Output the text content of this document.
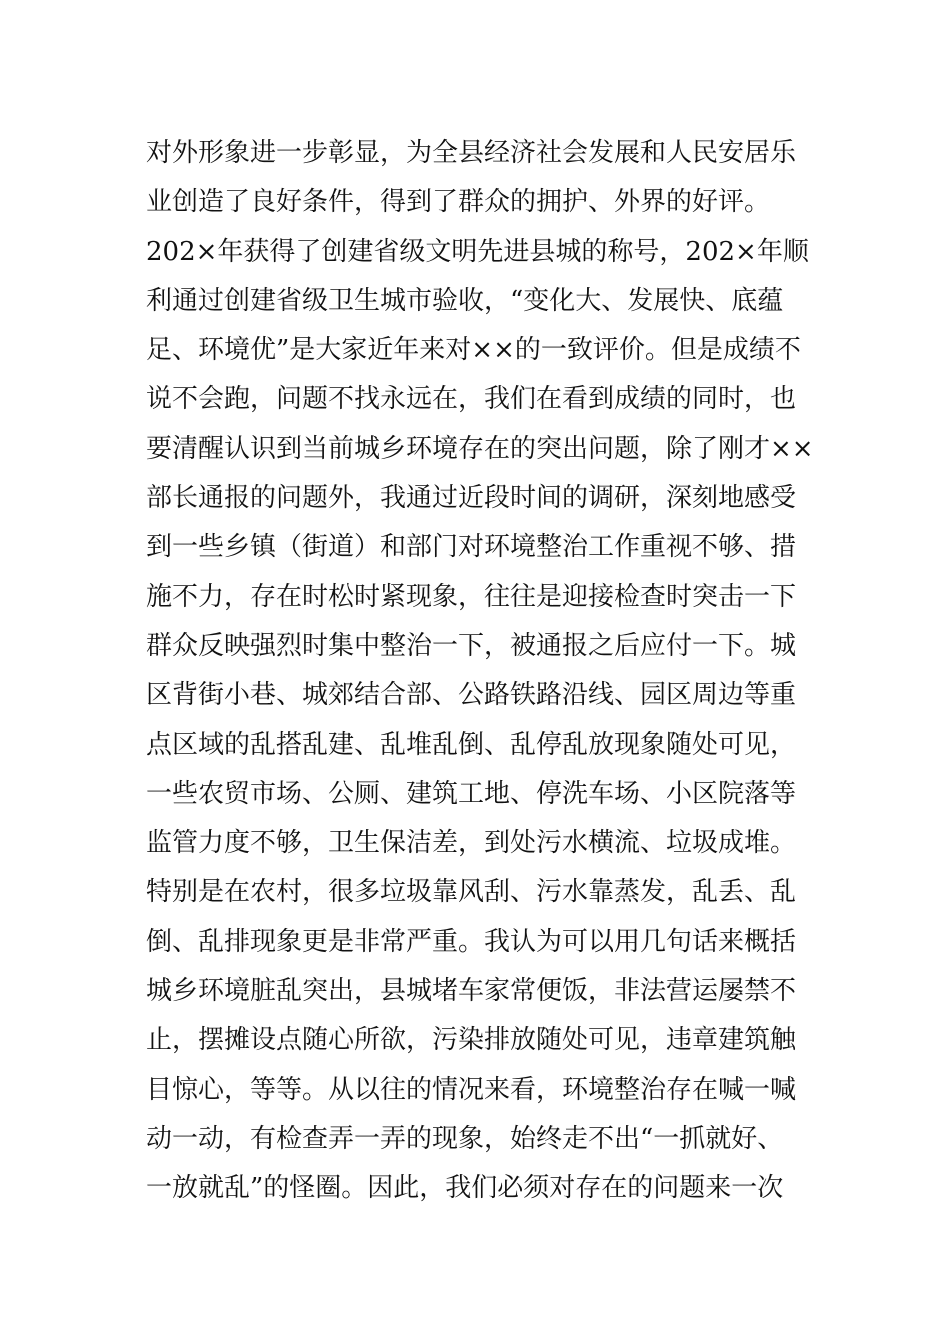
对外形象进一步彰显，为全县经济社会发展和人民安居乐
业创造了良好条件，得到了群众的拥护、外界的好评。
202×年获得了创建省级文明先进县城的称号，202×年顺
利通过创建省级卫生城市验收，“变化大、发展快、底蕴
足、环境优”是大家近年来对××的一致评价。但是成绩不
说不会跑，问题不找永远在，我们在看到成绩的同时，也
要清醒认识到当前城乡环境存在的突出问题，除了刚才××
部长通报的问题外，我通过近段时间的调研，深刻地感受
到一些乡镇（街道）和部门对环境整治工作重视不够、措
施不力，存在时松时紧现象，往往是迎接检查时突击一下
群众反映强烈时集中整治一下，被通报之后应付一下。城
区背街小巷、城郊结合部、公路铁路沿线、园区周边等重
点区域的乱搭乱建、乱堆乱倒、乱停乱放现象随处可见，
一些农贸市场、公厕、建筑工地、停洗车场、小区院落等
监管力度不够，卫生保洁差，到处污水横流、垃圾成堆。
特别是在农村，很多垃圾靠风刮、污水靠蒸发，乱丢、乱
倒、乱排现象更是非常严重。我认为可以用几句话来概括
城乡环境脏乱突出，县城堵车家常便饭，非法营运屡禁不
止，摆摊设点随心所欲，污染排放随处可见，违章建筑触
目惊心，等等。从以往的情况来看，环境整治存在喊一喊
动一动，有检查弄一弄的现象，始终走不出“一抓就好、
一放就乱”的怪圈。因此，我们必须对存在的问题来一次
